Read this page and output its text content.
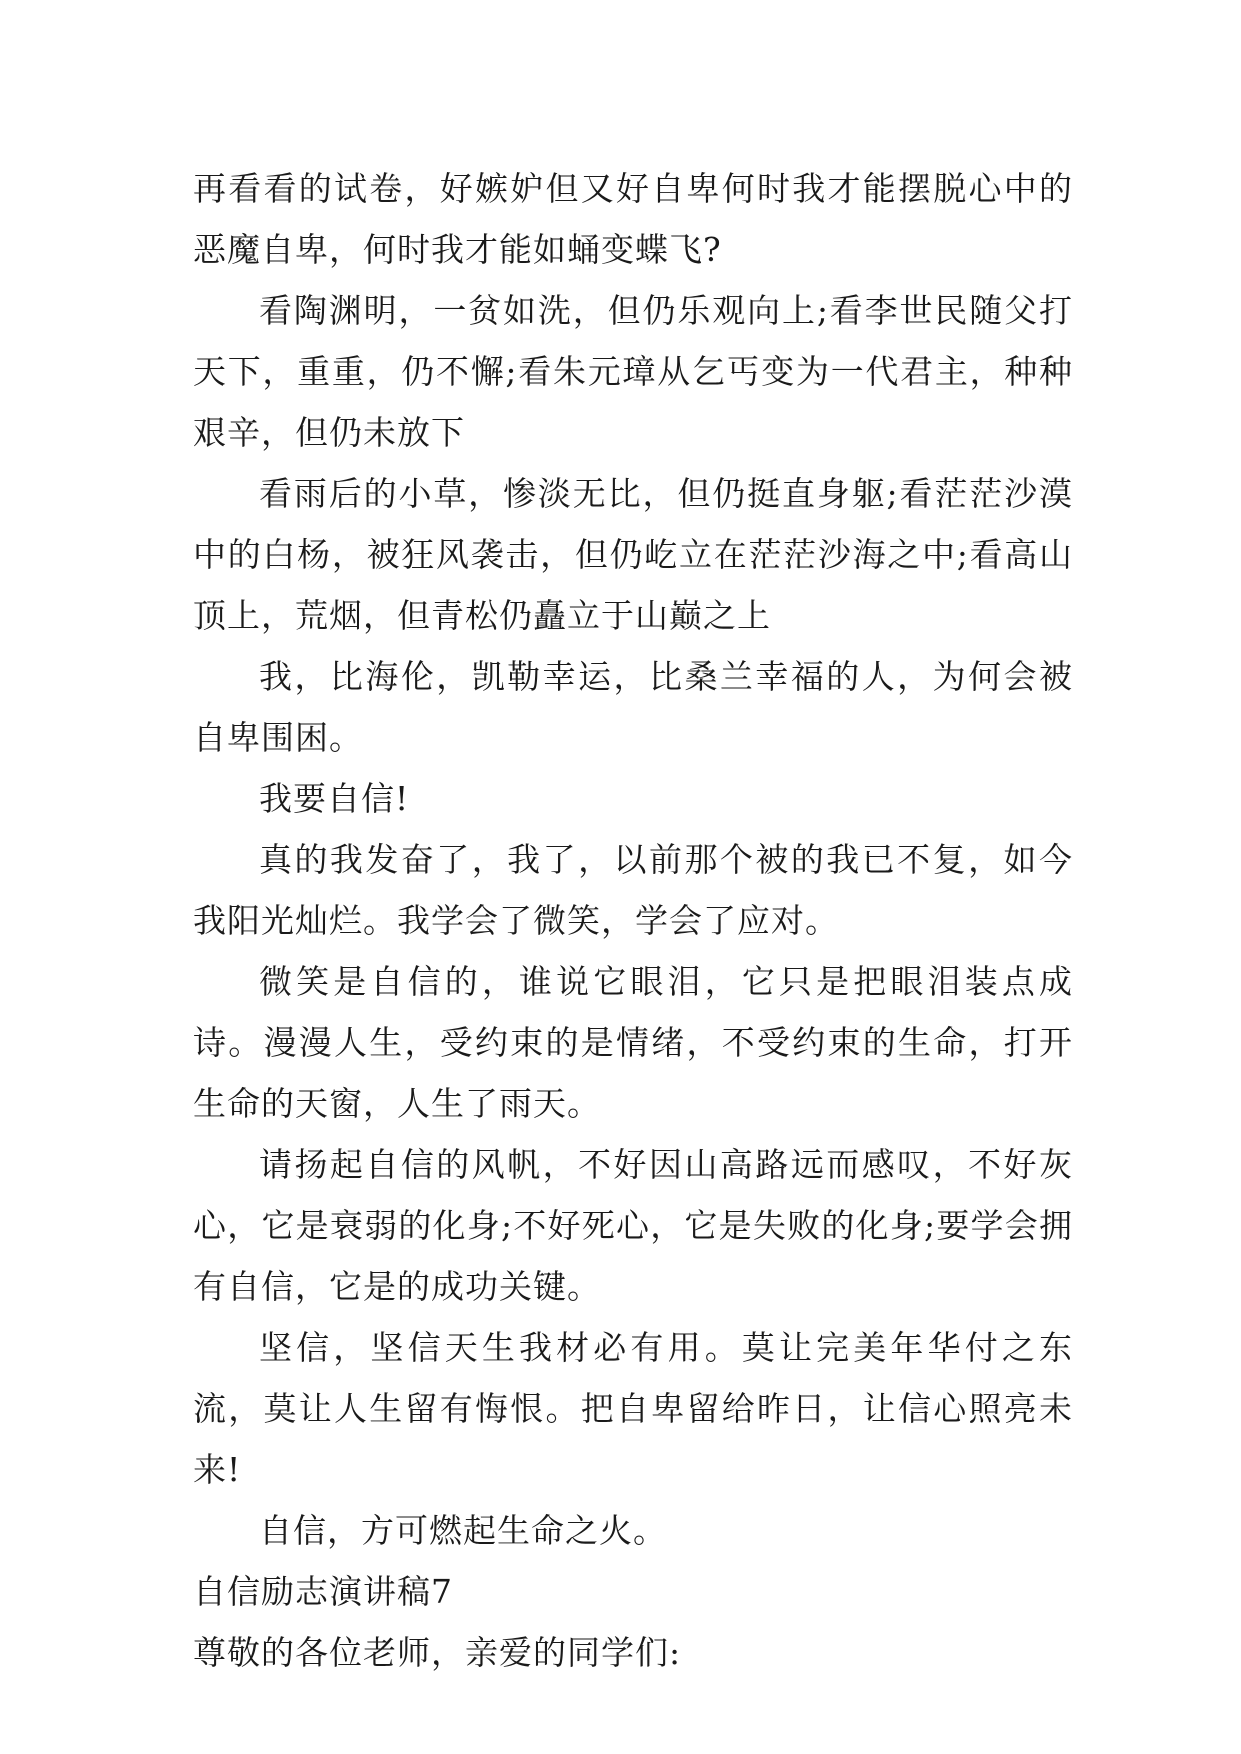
再看看的试卷，好嫉妒但又好自卑何时我才能摆脱心中的恶魔自卑，何时我才能如蛹变蝶飞?

看陶渊明，一贫如洗，但仍乐观向上;看李世民随父打天下，重重，仍不懈;看朱元璋从乞丐变为一代君主，种种艰辛，但仍未放下

看雨后的小草，惨淡无比，但仍挺直身躯;看茫茫沙漠中的白杨，被狂风袭击，但仍屹立在茫茫沙海之中;看高山顶上，荒烟，但青松仍矗立于山巅之上

我，比海伦，凯勒幸运，比桑兰幸福的人，为何会被自卑围困。

我要自信!

真的我发奋了，我了，以前那个被的我已不复，如今我阳光灿烂。我学会了微笑，学会了应对。

微笑是自信的，谁说它眼泪，它只是把眼泪装点成诗。漫漫人生，受约束的是情绪，不受约束的生命，打开生命的天窗，人生了雨天。

请扬起自信的风帆，不好因山高路远而感叹，不好灰心，它是衰弱的化身;不好死心，它是失败的化身;要学会拥有自信，它是的成功关键。

坚信，坚信天生我材必有用。莫让完美年华付之东流，莫让人生留有悔恨。把自卑留给昨日，让信心照亮未来!

自信，方可燃起生命之火。

自信励志演讲稿7

尊敬的各位老师，亲爱的同学们:
